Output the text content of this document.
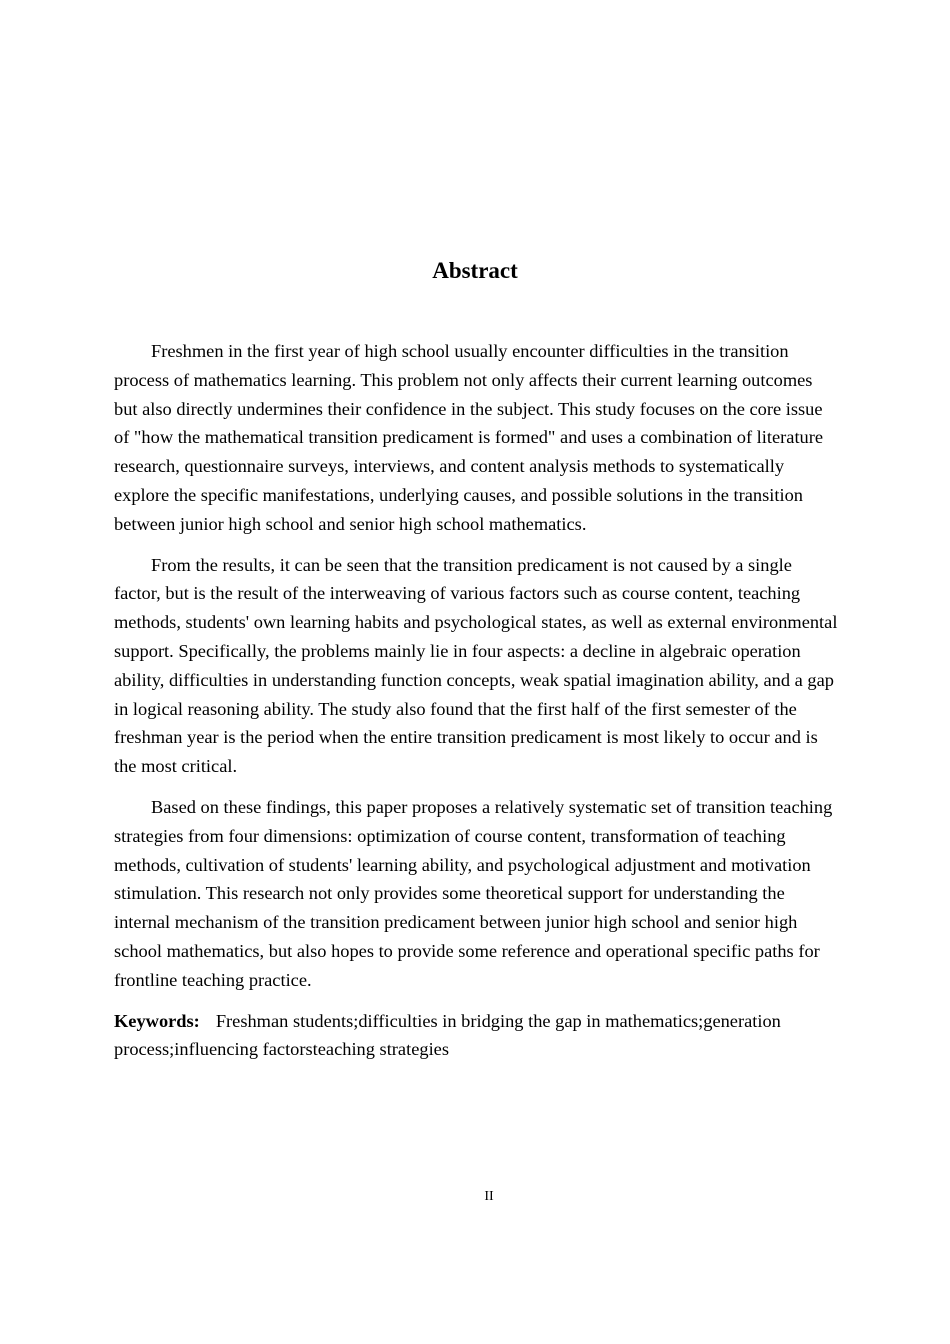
Abstract

Freshmen in the first year of high school usually encounter difficulties in the transition process of mathematics learning. This problem not only affects their current learning outcomes but also directly undermines their confidence in the subject. This study focuses on the core issue of "how the mathematical transition predicament is formed" and uses a combination of literature research, questionnaire surveys, interviews, and content analysis methods to systematically explore the specific manifestations, underlying causes, and possible solutions in the transition between junior high school and senior high school mathematics.

From the results, it can be seen that the transition predicament is not caused by a single factor, but is the result of the interweaving of various factors such as course content, teaching methods, students' own learning habits and psychological states, as well as external environmental support. Specifically, the problems mainly lie in four aspects: a decline in algebraic operation ability, difficulties in understanding function concepts, weak spatial imagination ability, and a gap in logical reasoning ability. The study also found that the first half of the first semester of the freshman year is the period when the entire transition predicament is most likely to occur and is the most critical.

Based on these findings, this paper proposes a relatively systematic set of transition teaching strategies from four dimensions: optimization of course content, transformation of teaching methods, cultivation of students' learning ability, and psychological adjustment and motivation stimulation. This research not only provides some theoretical support for understanding the internal mechanism of the transition predicament between junior high school and senior high school mathematics, but also hopes to provide some reference and operational specific paths for frontline teaching practice.

Keywords: Freshman students;difficulties in bridging the gap in mathematics;generation process;influencing factorsteaching strategies

II
